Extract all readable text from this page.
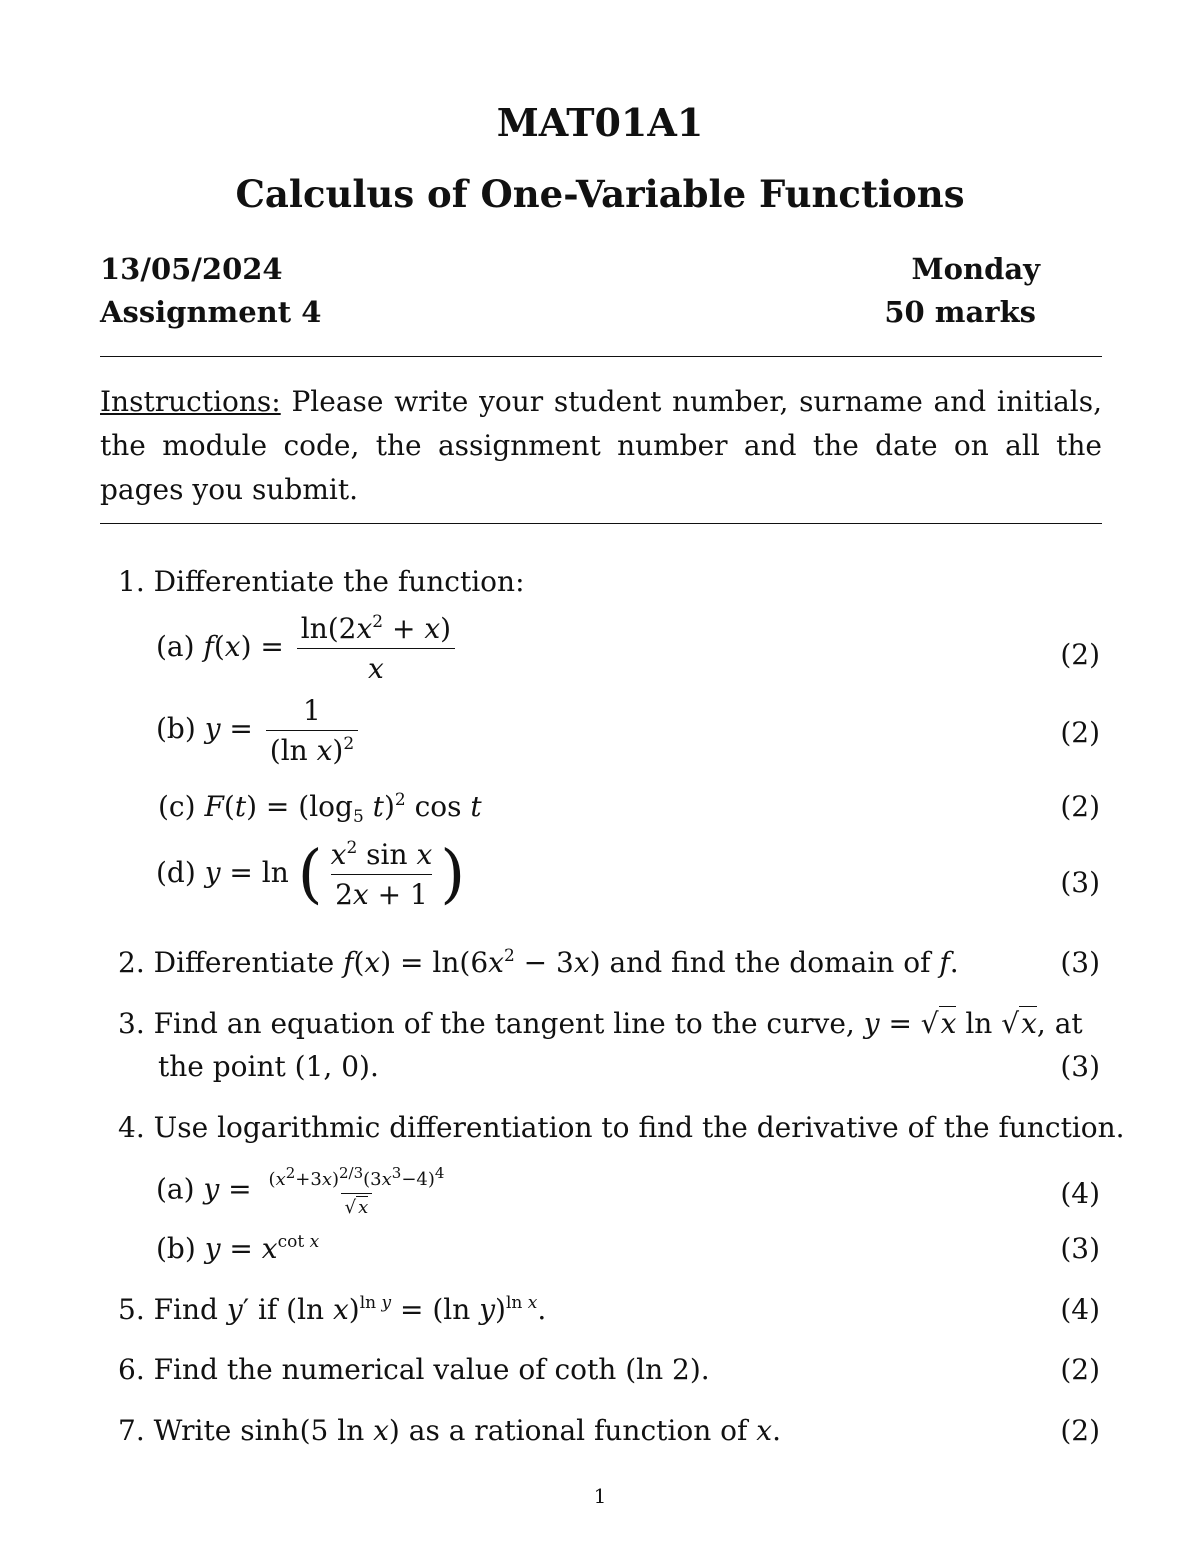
MAT01A1
Calculus of One-Variable Functions
13/05/2024	Monday
Assignment 4	50 marks
Instructions: Please write your student number, surname and initials, the module code, the assignment number and the date on all the pages you submit.
1. Differentiate the function:
(a) $f(x) = \frac{\ln(2x^2 + x)}{x}$	(2)
(b) $y = \frac{1}{(\ln x)^2}$	(2)
(c) $F(t) = (\log_5$ t)$^2$ cos t	(2)
(d) y = ln ( $\frac{x^2 \sin x}{2x + 1}$ )	(3)
2. Differentiate $f(x) = \ln(6x^2 - 3x)$ and find the domain of f.	(3)
3. Find an equation of the tangent line to the curve, y = √x ln √x, at
the point (1, 0).	(3)
4. Use logarithmic differentiation to find the derivative of the function.
(a) $y = \frac{(x^2+3x)^{2/3}(3x^3-4)^4}{√ x}$	(4)
(b) $y = x^{cot x}$	(3)
5. Find y′ if (ln x)$^{ln y}$ = (ln y)$^{ln x}$.	(4)
6. Find the numerical value of coth (ln 2).	(2)
7. Write sinh(5 ln x) as a rational function of x.	(2)
1
